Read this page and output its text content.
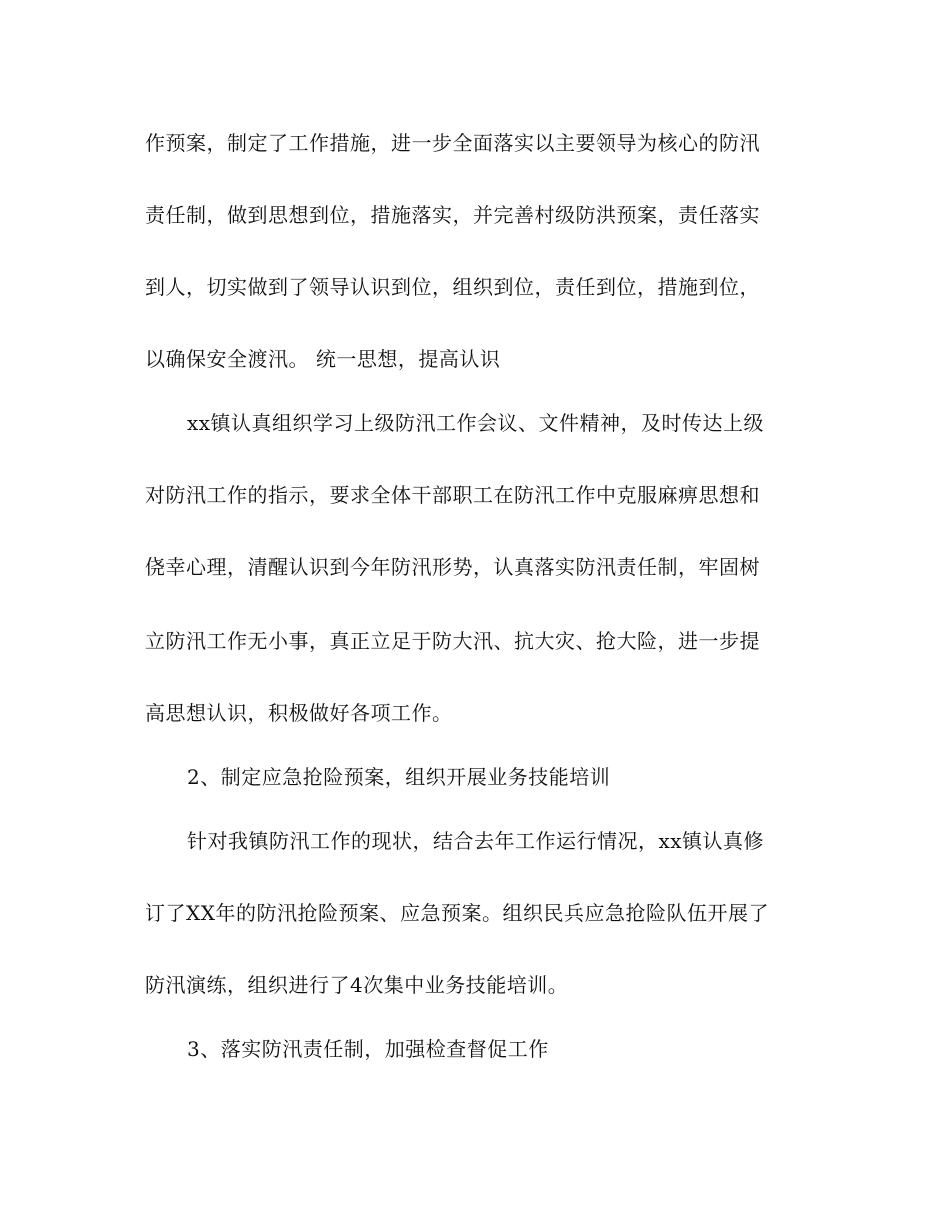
作预案，制定了工作措施，进一步全面落实以主要领导为核心的防汛
责任制，做到思想到位，措施落实，并完善村级防洪预案，责任落实
到人，切实做到了领导认识到位，组织到位，责任到位，措施到位，
以确保安全渡汛。 统一思想，提高认识
xx镇认真组织学习上级防汛工作会议、文件精神，及时传达上级
对防汛工作的指示，要求全体干部职工在防汛工作中克服麻痹思想和
侥幸心理，清醒认识到今年防汛形势，认真落实防汛责任制，牢固树
立防汛工作无小事，真正立足于防大汛、抗大灾、抢大险，进一步提
高思想认识，积极做好各项工作。
2、制定应急抢险预案，组织开展业务技能培训
针对我镇防汛工作的现状，结合去年工作运行情况，xx镇认真修
订了XX年的防汛抢险预案、应急预案。组织民兵应急抢险队伍开展了
防汛演练，组织进行了4次集中业务技能培训。
3、落实防汛责任制，加强检查督促工作
